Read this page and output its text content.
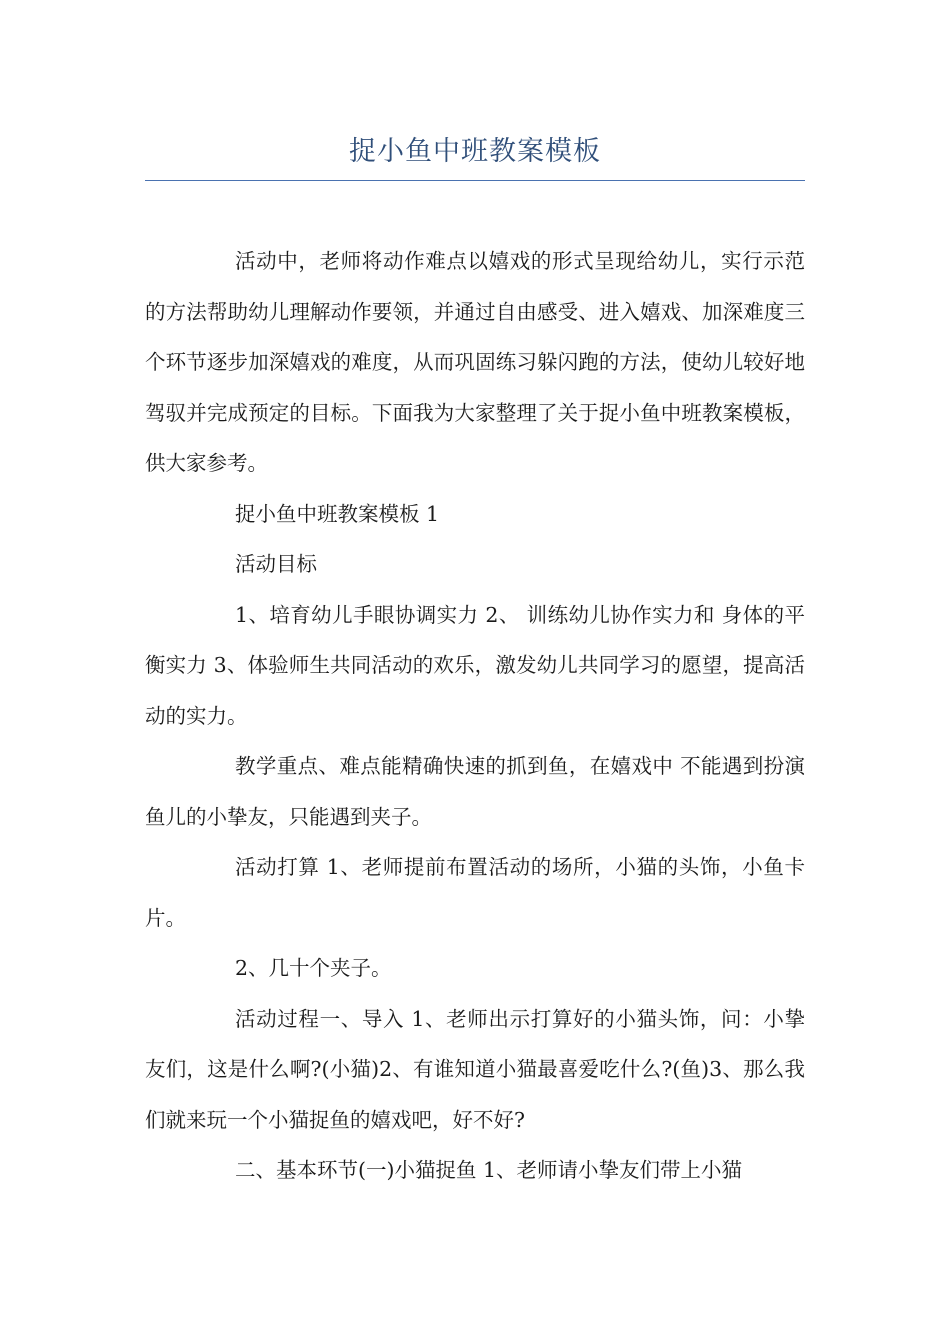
捉小鱼中班教案模板

活动中，老师将动作难点以嬉戏的形式呈现给幼儿，实行示范的方法帮助幼儿理解动作要领，并通过自由感受、进入嬉戏、加深难度三个环节逐步加深嬉戏的难度，从而巩固练习躲闪跑的方法，使幼儿较好地驾驭并完成预定的目标。下面我为大家整理了关于捉小鱼中班教案模板，供大家参考。

捉小鱼中班教案模板 1

活动目标

1、培育幼儿手眼协调实力 2、 训练幼儿协作实力和 身体的平衡实力 3、体验师生共同活动的欢乐，激发幼儿共同学习的愿望，提高活动的实力。

教学重点、难点能精确快速的抓到鱼，在嬉戏中 不能遇到扮演鱼儿的小挚友，只能遇到夹子。

活动打算 1、老师提前布置活动的场所，小猫的头饰，小鱼卡片。

2、几十个夹子。

活动过程一、导入 1、老师出示打算好的小猫头饰，问：小挚友们，这是什么啊?(小猫)2、有谁知道小猫最喜爱吃什么?(鱼)3、那么我们就来玩一个小猫捉鱼的嬉戏吧，好不好?

二、基本环节(一)小猫捉鱼 1、老师请小挚友们带上小猫
